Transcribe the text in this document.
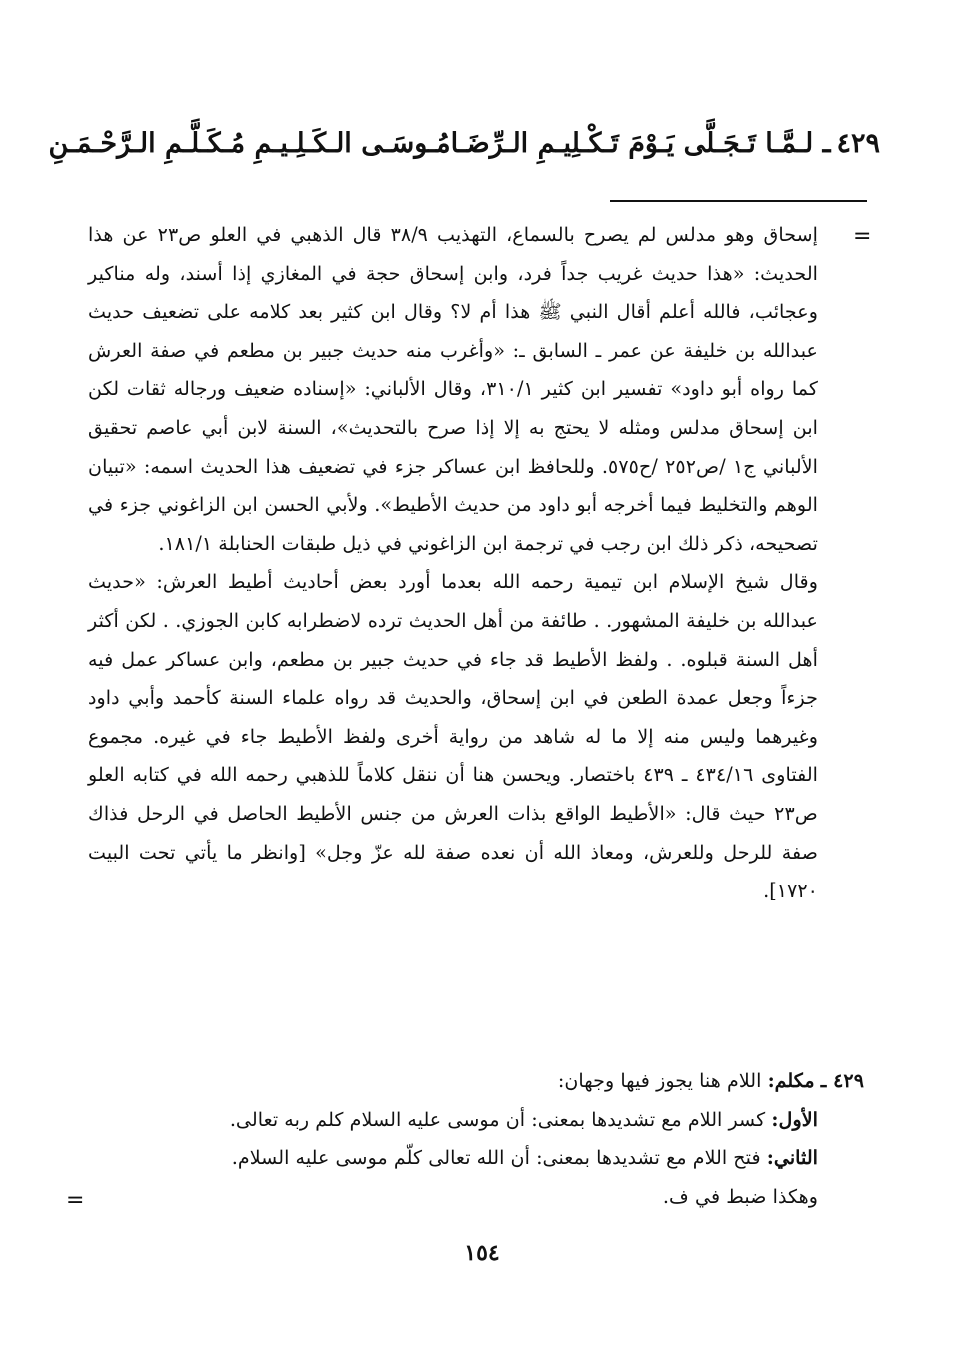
٤٢٩ـ لـمَّـا تَـجَـلَّى يَـوْمَ تَـكْـلِيـمِ الـرِّضَـا
مُـوسَـى الـكَـلِـيـمِ مُـكَـلَّـمِ الـرَّحْـمَـنِ
=

إسحاق وهو مدلس لم يصرح بالسماع، التهذيب ٣٨/٩ قال الذهبي في العلو ص٢٣ عن هذا الحديث: «هذا حديث غريب جداً فرد، وابن إسحاق حجة في المغازي إذا أسند، وله مناكير وعجائب، فالله أعلم أقال النبي ﷺ هذا أم لا؟ وقال ابن كثير بعد كلامه على تضعيف حديث عبدالله بن خليفة عن عمر ـ السابق ـ: «وأغرب منه حديث جبير بن مطعم في صفة العرش كما رواه أبو داود» تفسير ابن كثير ٣١٠/١، وقال الألباني: «إسناده ضعيف ورجاله ثقات لكن ابن إسحاق مدلس ومثله لا يحتج به إلا إذا صرح بالتحديث»، السنة لابن أبي عاصم تحقيق الألباني ج١ /ص٢٥٢ /ح٥٧٥. وللحافظ ابن عساكر جزء في تضعيف هذا الحديث اسمه: «تبيان الوهم والتخليط فيما أخرجه أبو داود من حديث الأطيط». ولأبي الحسن ابن الزاغوني جزء في تصحيحه، ذكر ذلك ابن رجب في ترجمة ابن الزاغوني في ذيل طبقات الحنابلة ١٨١/١.

وقال شيخ الإسلام ابن تيمية رحمه الله بعدما أورد بعض أحاديث أطيط العرش: «حديث عبدالله بن خليفة المشهور. . طائفة من أهل الحديث ترده لاضطرابه كابن الجوزي. . لكن أكثر أهل السنة قبلوه. . ولفظ الأطيط قد جاء في حديث جبير بن مطعم، وابن عساكر عمل فيه جزءاً وجعل عمدة الطعن في ابن إسحاق، والحديث قد رواه علماء السنة كأحمد وأبي داود وغيرهما وليس منه إلا ما له شاهد من رواية أخرى ولفظ الأطيط جاء في غيره. مجموع الفتاوى ٤٣٤/١٦ ـ ٤٣٩ باختصار. ويحسن هنا أن ننقل كلاماً للذهبي رحمه الله في كتابه العلو ص٢٣ حيث قال: «الأطيط الواقع بذات العرش من جنس الأطيط الحاصل في الرحل فذاك صفة للرحل وللعرش، ومعاذ الله أن نعده صفة لله عزّ وجل» [وانظر ما يأتي تحت البيت ١٧٢٠].

٤٢٩ ـ مكلم: اللام هنا يجوز فيها وجهان:

الأول: كسر اللام مع تشديدها بمعنى: أن موسى عليه السلام كلم ربه تعالى.

الثاني: فتح اللام مع تشديدها بمعنى: أن الله تعالى كلّم موسى عليه السلام.

وهكذا ضبط في ف.

=
١٥٤
